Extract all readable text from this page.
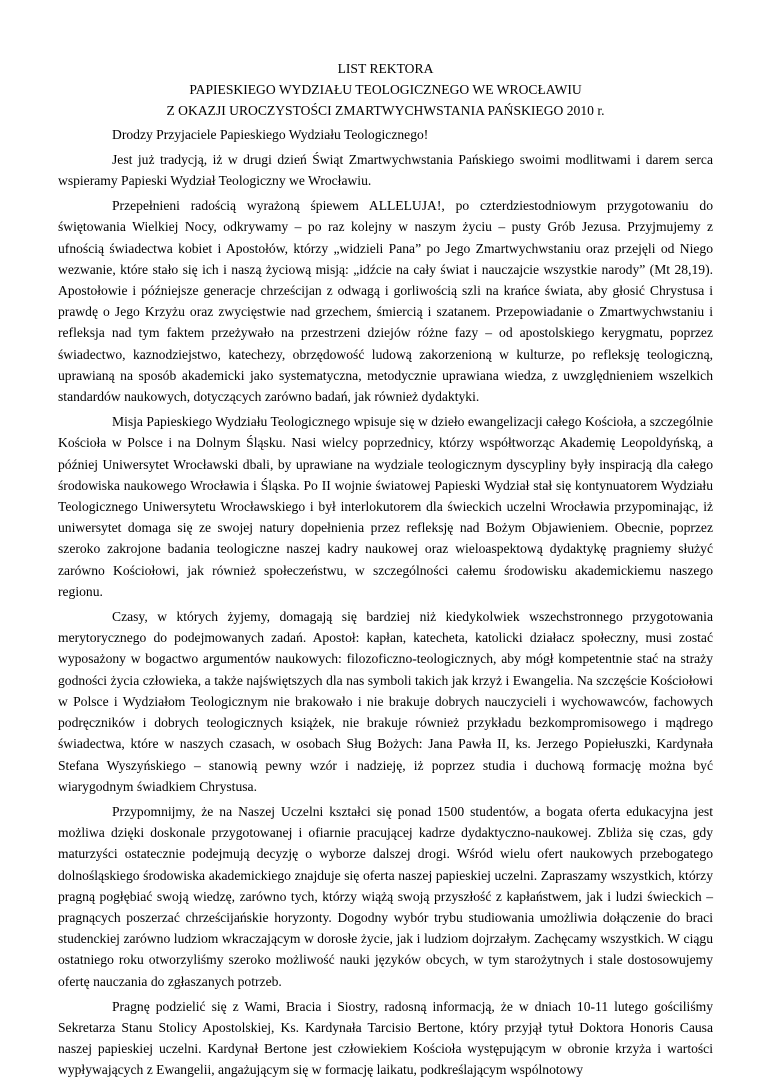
LIST REKTORA
PAPIESKIEGO WYDZIAŁU TEOLOGICZNEGO WE WROCŁAWIU
Z OKAZJI UROCZYSTOŚCI ZMARTWYCHWSTANIA PAŃSKIEGO 2010 r.

Drodzy Przyjaciele Papieskiego Wydziału Teologicznego!

Jest już tradycją, iż w drugi dzień Świąt Zmartwychwstania Pańskiego swoimi modlitwami i darem serca wspieramy Papieski Wydział Teologiczny we Wrocławiu.

Przepełnieni radością wyrażoną śpiewem ALLELUJA!, po czterdziestodniowym przygotowaniu do świętowania Wielkiej Nocy, odkrywamy – po raz kolejny w naszym życiu – pusty Grób Jezusa. Przyjmujemy z ufnością świadectwa kobiet i Apostołów, którzy „widzieli Pana” po Jego Zmartwychwstaniu oraz przejęli od Niego wezwanie, które stało się ich i naszą życiową misją: „idźcie na cały świat i nauczajcie wszystkie narody” (Mt 28,19). Apostołowie i późniejsze generacje chrześcijan z odwagą i gorliwością szli na krańce świata, aby głosić Chrystusa i prawdę o Jego Krzyżu oraz zwycięstwie nad grzechem, śmiercią i szatanem. Przepowiadanie o Zmartwychwstaniu i refleksja nad tym faktem przeżywało na przestrzeni dziejów różne fazy – od apostolskiego kerygmatu, poprzez świadectwo, kaznodziejstwo, katechezy, obrzędowość ludową zakorzenioną w kulturze, po refleksję teologiczną, uprawianą na sposób akademicki jako systematyczna, metodycznie uprawiana wiedza, z uwzględnieniem wszelkich standardów naukowych, dotyczących zarówno badań, jak również dydaktyki.

Misja Papieskiego Wydziału Teologicznego wpisuje się w dzieło ewangelizacji całego Kościoła, a szczególnie Kościoła w Polsce i na Dolnym Śląsku. Nasi wielcy poprzednicy, którzy współtworząc Akademię Leopoldyńską, a później Uniwersytet Wrocławski dbali, by uprawiane na wydziale teologicznym dyscypliny były inspiracją dla całego środowiska naukowego Wrocławia i Śląska. Po II wojnie światowej Papieski Wydział stał się kontynuatorem Wydziału Teologicznego Uniwersytetu Wrocławskiego i był interlokutorem dla świeckich uczelni Wrocławia przypominając, iż uniwersytet domaga się ze swojej natury dopełnienia przez refleksję nad Bożym Objawieniem. Obecnie, poprzez szeroko zakrojone badania teologiczne naszej kadry naukowej oraz wieloaspektową dydaktykę pragniemy służyć zarówno Kościołowi, jak również społeczeństwu, w szczególności całemu środowisku akademickiemu naszego regionu.

Czasy, w których żyjemy, domagają się bardziej niż kiedykolwiek wszechstronnego przygotowania merytorycznego do podejmowanych zadań. Apostoł: kapłan, katecheta, katolicki działacz społeczny, musi zostać wyposażony w bogactwo argumentów naukowych: filozoficzno-teologicznych, aby mógł kompetentnie stać na straży godności życia człowieka, a także najświętszych dla nas symboli takich jak krzyż i Ewangelia. Na szczęście Kościołowi w Polsce i Wydziałom Teologicznym nie brakowało i nie brakuje dobrych nauczycieli i wychowawców, fachowych podręczników i dobrych teologicznych książek, nie brakuje również przykładu bezkompromisowego i mądrego świadectwa, które w naszych czasach, w osobach Sług Bożych: Jana Pawła II, ks. Jerzego Popiełuszki, Kardynała Stefana Wyszyńskiego – stanowią pewny wzór i nadzieję, iż poprzez studia i duchową formację można być wiarygodnym świadkiem Chrystusa.

Przypomnijmy, że na Naszej Uczelni kształci się ponad 1500 studentów, a bogata oferta edukacyjna jest możliwa dzięki doskonale przygotowanej i ofiarnie pracującej kadrze dydaktyczno-naukowej. Zbliża się czas, gdy maturzyści ostatecznie podejmują decyzję o wyborze dalszej drogi. Wśród wielu ofert naukowych przebogatego dolnośląskiego środowiska akademickiego znajduje się oferta naszej papieskiej uczelni. Zapraszamy wszystkich, którzy pragną pogłębiać swoją wiedzę, zarówno tych, którzy wiążą swoją przyszłość z kapłaństwem, jak i ludzi świeckich – pragnących poszerzać chrześcijańskie horyzonty. Dogodny wybór trybu studiowania umożliwia dołączenie do braci studenckiej zarówno ludziom wkraczającym w dorosłe życie, jak i ludziom dojrzałym. Zachęcamy wszystkich. W ciągu ostatniego roku otworzyliśmy szeroko możliwość nauki języków obcych, w tym starożytnych i stale dostosowujemy ofertę nauczania do zgłaszanych potrzeb.

Pragnę podzielić się z Wami, Bracia i Siostry, radosną informacją, że w dniach 10-11 lutego gościliśmy Sekretarza Stanu Stolicy Apostolskiej, Ks. Kardynała Tarcisio Bertone, który przyjął tytuł Doktora Honoris Causa naszej papieskiej uczelni. Kardynał Bertone jest człowiekiem Kościoła występującym w obronie krzyża i wartości wypływających z Ewangelii, angażującym się w formację laikatu, podkreślającym wspólnotowy
